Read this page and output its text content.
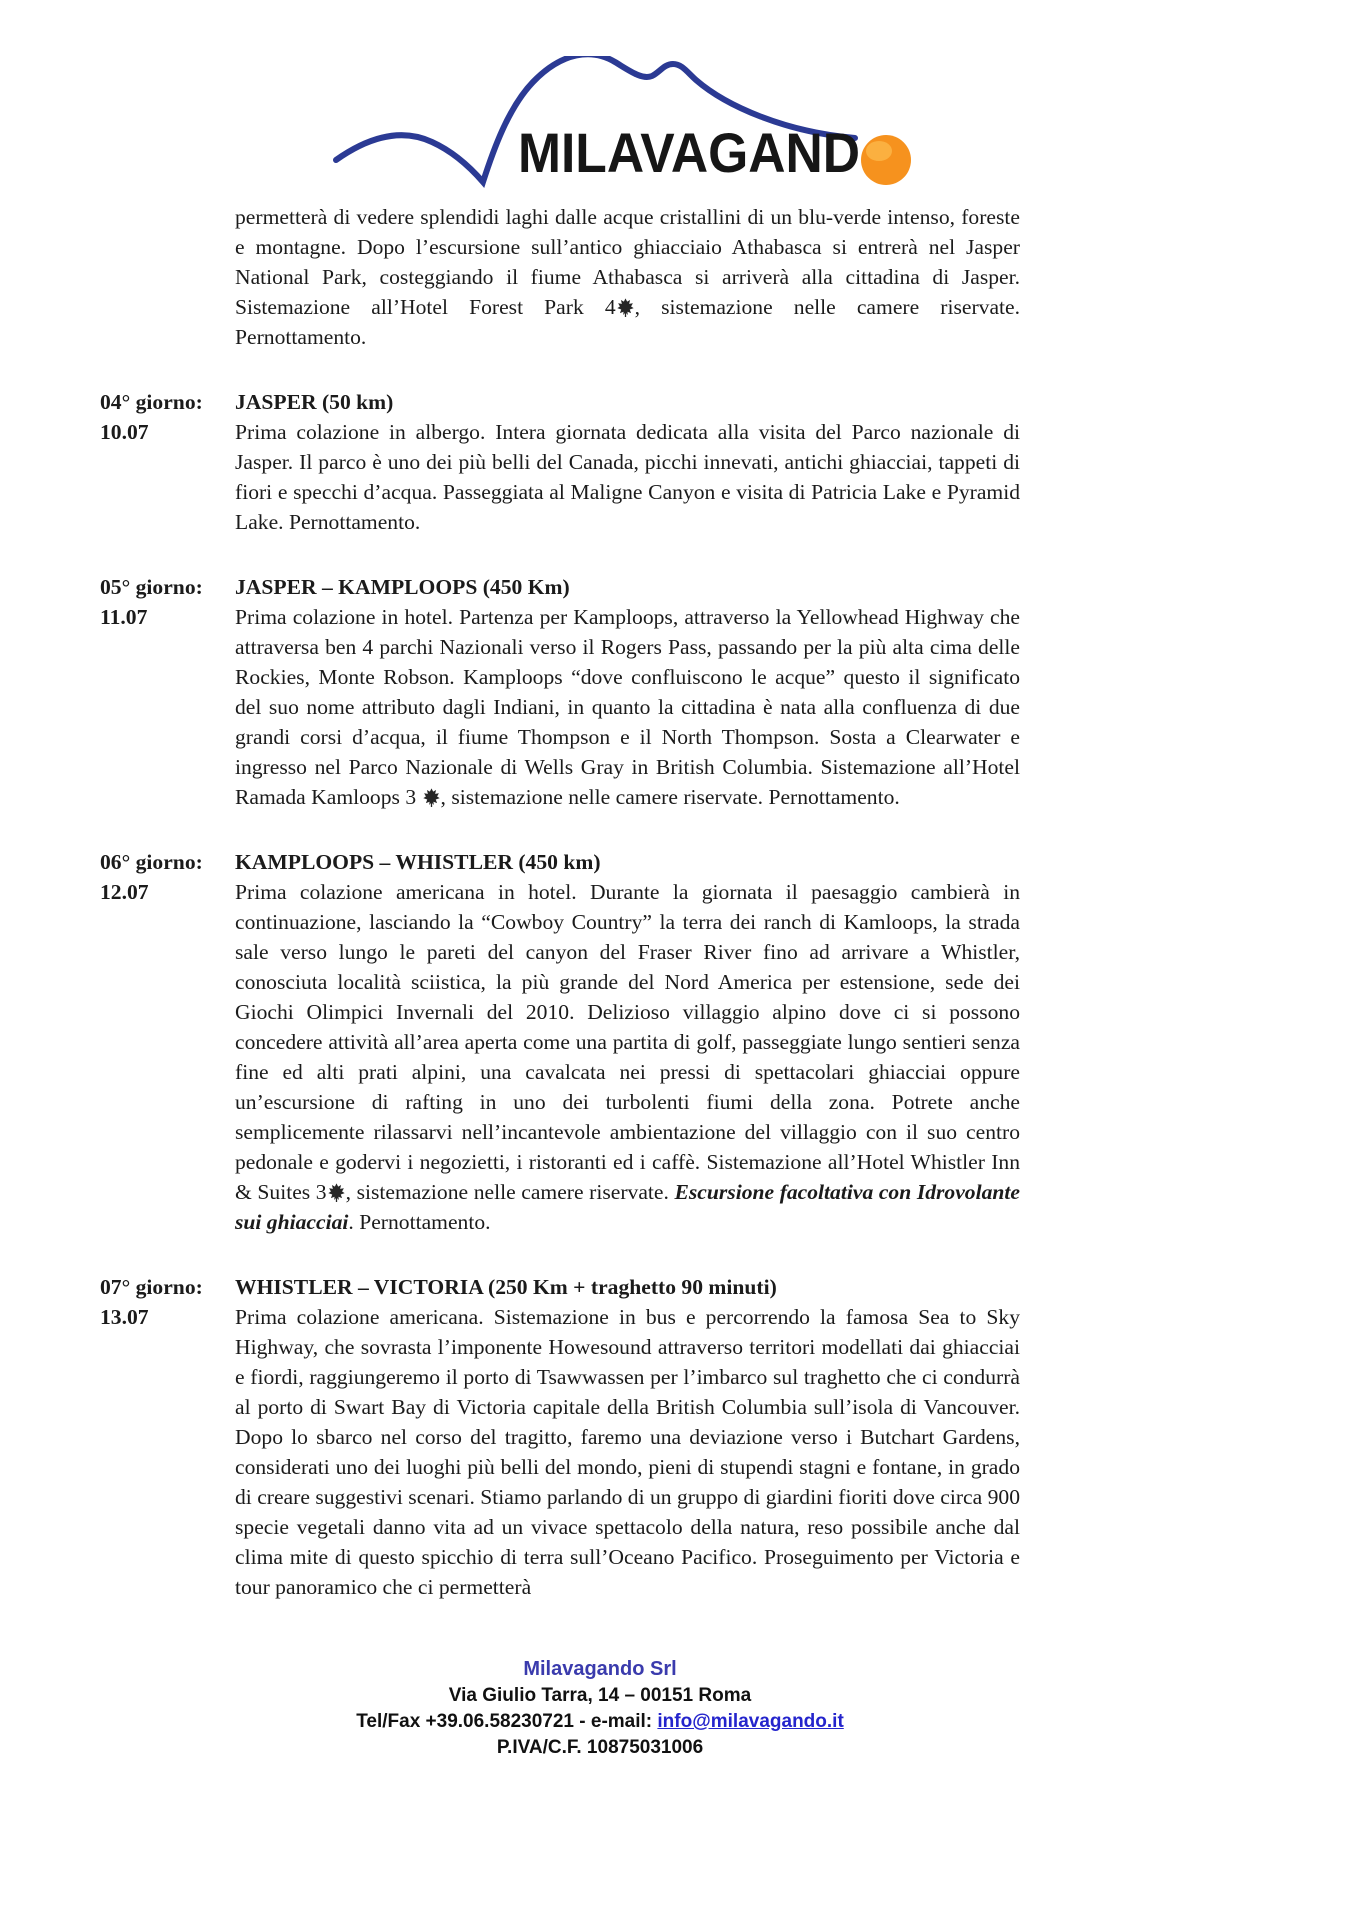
MILAVAGAND

permetterà di vedere splendidi laghi dalle acque cristallini di un blu-verde intenso, foreste e montagne. Dopo l’escursione sull’antico ghiacciaio Athabasca si entrerà nel Jasper National Park, costeggiando il fiume Athabasca si arriverà alla cittadina di Jasper. Sistemazione all’Hotel Forest Park 4 , sistemazione nelle camere riservate. Pernottamento.

04° giorno:
10.07
JASPER (50 km)

Prima colazione in albergo. Intera giornata dedicata alla visita del Parco nazionale di Jasper. Il parco è uno dei più belli del Canada, picchi innevati, antichi ghiacciai, tappeti di fiori e specchi d’acqua. Passeggiata al Maligne Canyon e visita di Patricia Lake e Pyramid Lake. Pernottamento.

05° giorno:
11.07
JASPER – KAMPLOOPS (450 Km)

Prima colazione in hotel. Partenza per Kamploops, attraverso la Yellowhead Highway che attraversa ben 4 parchi Nazionali verso il Rogers Pass, passando per la più alta cima delle Rockies, Monte Robson. Kamploops “dove confluiscono le acque” questo il significato del suo nome attributo dagli Indiani, in quanto la cittadina è nata alla confluenza di due grandi corsi d’acqua, il fiume Thompson e il North Thompson. Sosta a Clearwater e ingresso nel Parco Nazionale di Wells Gray in British Columbia. Sistemazione all’Hotel Ramada Kamloops 3 , sistemazione nelle camere riservate. Pernottamento.

06° giorno:
12.07
KAMPLOOPS – WHISTLER (450 km)

Prima colazione americana in hotel. Durante la giornata il paesaggio cambierà in continuazione, lasciando la “Cowboy Country” la terra dei ranch di Kamloops, la strada sale verso lungo le pareti del canyon del Fraser River fino ad arrivare a Whistler, conosciuta località sciistica, la più grande del Nord America per estensione, sede dei Giochi Olimpici Invernali del 2010. Delizioso villaggio alpino dove ci si possono concedere attività all’area aperta come una partita di golf, passeggiate lungo sentieri senza fine ed alti prati alpini, una cavalcata nei pressi di spettacolari ghiacciai oppure un’escursione di rafting in uno dei turbolenti fiumi della zona. Potrete anche semplicemente rilassarvi nell’incantevole ambientazione del villaggio con il suo centro pedonale e godervi i negozietti, i ristoranti ed i caffè. Sistemazione all’Hotel Whistler Inn & Suites 3 , sistemazione nelle camere riservate. Escursione facoltativa con Idrovolante sui ghiacciai. Pernottamento.

07° giorno:
13.07
WHISTLER – VICTORIA (250 Km + traghetto 90 minuti)

Prima colazione americana. Sistemazione in bus e percorrendo la famosa Sea to Sky Highway, che sovrasta l’imponente Howesound attraverso territori modellati dai ghiacciai e fiordi, raggiungeremo il porto di Tsawwassen per l’imbarco sul traghetto che ci condurrà al porto di Swart Bay di Victoria capitale della British Columbia sull’isola di Vancouver. Dopo lo sbarco nel corso del tragitto, faremo una deviazione verso i Butchart Gardens, considerati uno dei luoghi più belli del mondo, pieni di stupendi stagni e fontane, in grado di creare suggestivi scenari. Stiamo parlando di un gruppo di giardini fioriti dove circa 900 specie vegetali danno vita ad un vivace spettacolo della natura, reso possibile anche dal clima mite di questo spicchio di terra sull’Oceano Pacifico. Proseguimento per Victoria e tour panoramico che ci permetterà

Milavagando Srl
Via Giulio Tarra, 14 – 00151 Roma
Tel/Fax +39.06.58230721 - e-mail: info@milavagando.it
P.IVA/C.F. 10875031006
